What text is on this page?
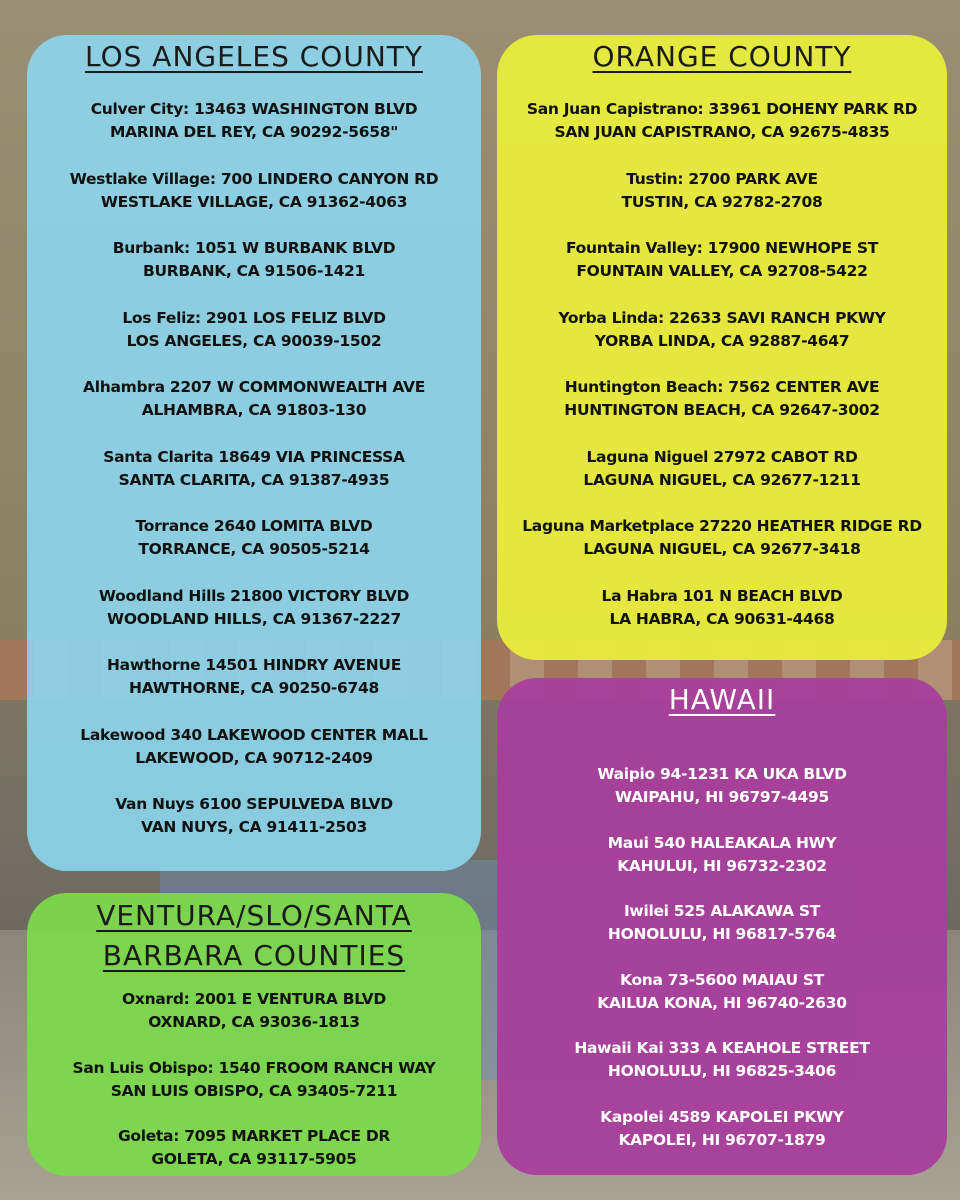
LOS ANGELES COUNTY
Culver City: 13463 WASHINGTON BLVD
MARINA DEL REY, CA 90292-5658"
Westlake Village: 700 LINDERO CANYON RD
WESTLAKE VILLAGE, CA 91362-4063
Burbank: 1051 W BURBANK BLVD
BURBANK, CA 91506-1421
Los Feliz: 2901 LOS FELIZ BLVD
LOS ANGELES, CA 90039-1502
Alhambra 2207 W COMMONWEALTH AVE
ALHAMBRA, CA 91803-130
Santa Clarita 18649 VIA PRINCESSA
SANTA CLARITA, CA 91387-4935
Torrance 2640 LOMITA BLVD
TORRANCE, CA 90505-5214
Woodland Hills 21800 VICTORY BLVD
WOODLAND HILLS, CA 91367-2227
Hawthorne 14501 HINDRY AVENUE
HAWTHORNE, CA 90250-6748
Lakewood 340 LAKEWOOD CENTER MALL
LAKEWOOD, CA 90712-2409
Van Nuys 6100 SEPULVEDA BLVD
VAN NUYS, CA 91411-2503
ORANGE COUNTY
San Juan Capistrano: 33961 DOHENY PARK RD
SAN JUAN CAPISTRANO, CA 92675-4835
Tustin: 2700 PARK AVE
TUSTIN, CA 92782-2708
Fountain Valley: 17900 NEWHOPE ST
FOUNTAIN VALLEY, CA 92708-5422
Yorba Linda: 22633 SAVI RANCH PKWY
YORBA LINDA, CA 92887-4647
Huntington Beach: 7562 CENTER AVE
HUNTINGTON BEACH, CA 92647-3002
Laguna Niguel 27972 CABOT RD
LAGUNA NIGUEL, CA 92677-1211
Laguna Marketplace 27220 HEATHER RIDGE RD
LAGUNA NIGUEL, CA 92677-3418
La Habra 101 N BEACH BLVD
LA HABRA, CA 90631-4468
HAWAII
Waipio 94-1231 KA UKA BLVD
WAIPAHU, HI 96797-4495
Maui 540 HALEAKALA HWY
KAHULUI, HI 96732-2302
Iwilei 525 ALAKAWA ST
HONOLULU, HI 96817-5764
Kona 73-5600 MAIAU ST
KAILUA KONA, HI 96740-2630
Hawaii Kai 333 A KEAHOLE STREET
HONOLULU, HI 96825-3406
Kapolei 4589 KAPOLEI PKWY
KAPOLEI, HI 96707-1879
VENTURA/SLO/SANTA
BARBARA COUNTIES
Oxnard: 2001 E VENTURA BLVD
OXNARD, CA 93036-1813
San Luis Obispo: 1540 FROOM RANCH WAY
SAN LUIS OBISPO, CA 93405-7211
Goleta: 7095 MARKET PLACE DR
GOLETA, CA 93117-5905
